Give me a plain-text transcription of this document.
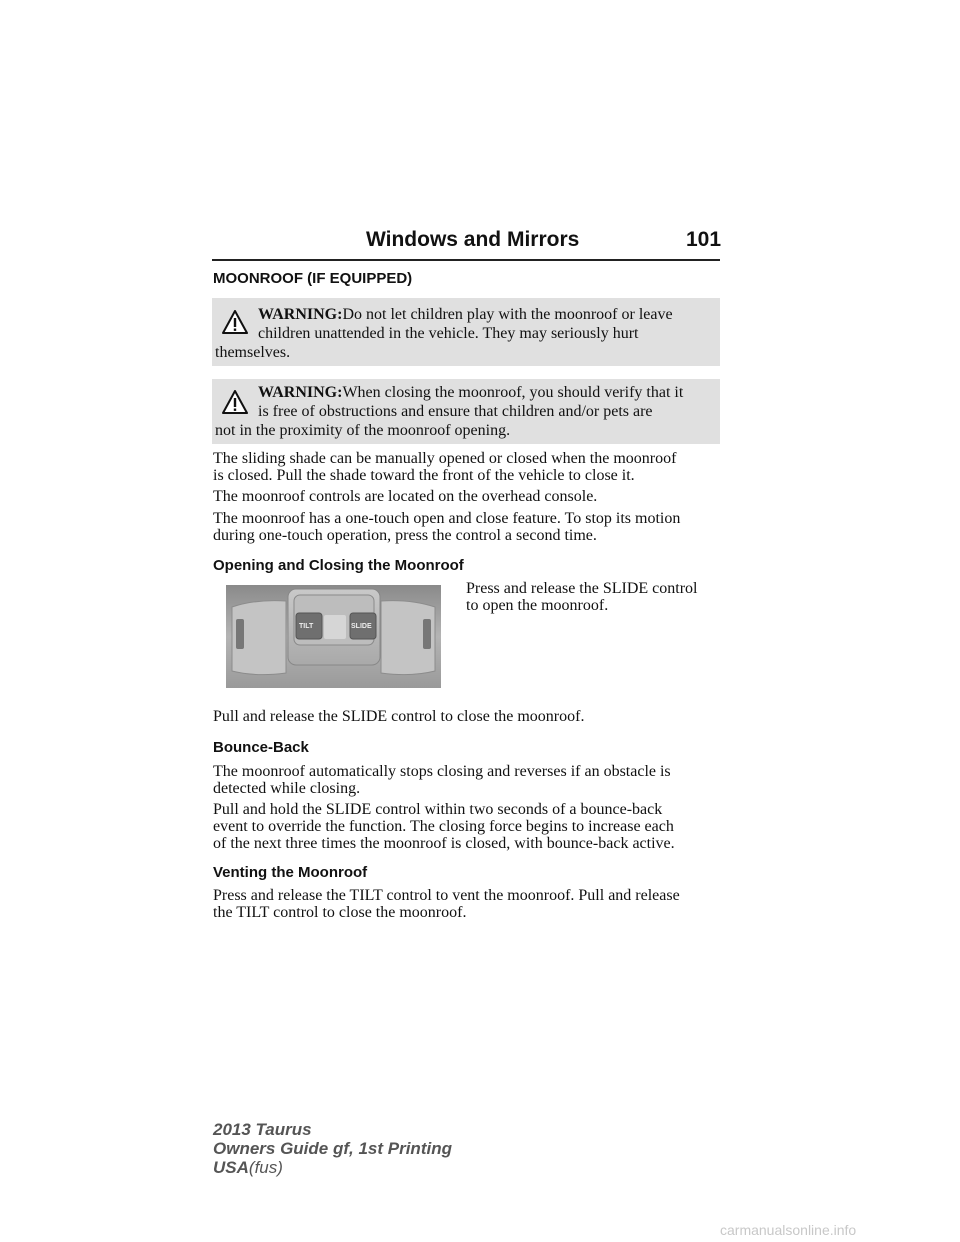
Windows and Mirrors	101
MOONROOF (IF EQUIPPED)
WARNING:Do not let children play with the moonroof or leave
children unattended in the vehicle. They may seriously hurt
themselves.
WARNING:When closing the moonroof, you should verify that it
is free of obstructions and ensure that children and/or pets are
not in the proximity of the moonroof opening.
The sliding shade can be manually opened or closed when the moonroof
is closed. Pull the shade toward the front of the vehicle to close it.
The moonroof controls are located on the overhead console.
The moonroof has a one-touch open and close feature. To stop its motion
during one-touch operation, press the control a second time.
Opening and Closing the Moonroof
TILT	SLIDE
Press and release the SLIDE control
to open the moonroof.
Pull and release the SLIDE control to close the moonroof.
Bounce-Back
The moonroof automatically stops closing and reverses if an obstacle is
detected while closing.
Pull and hold the SLIDE control within two seconds of a bounce-back
event to override the function. The closing force begins to increase each
of the next three times the moonroof is closed, with bounce-back active.
Venting the Moonroof
Press and release the TILT control to vent the moonroof. Pull and release
the TILT control to close the moonroof.
2013 Taurus
Owners Guide gf, 1st Printing
USA(fus)
carmanualsonline.info
